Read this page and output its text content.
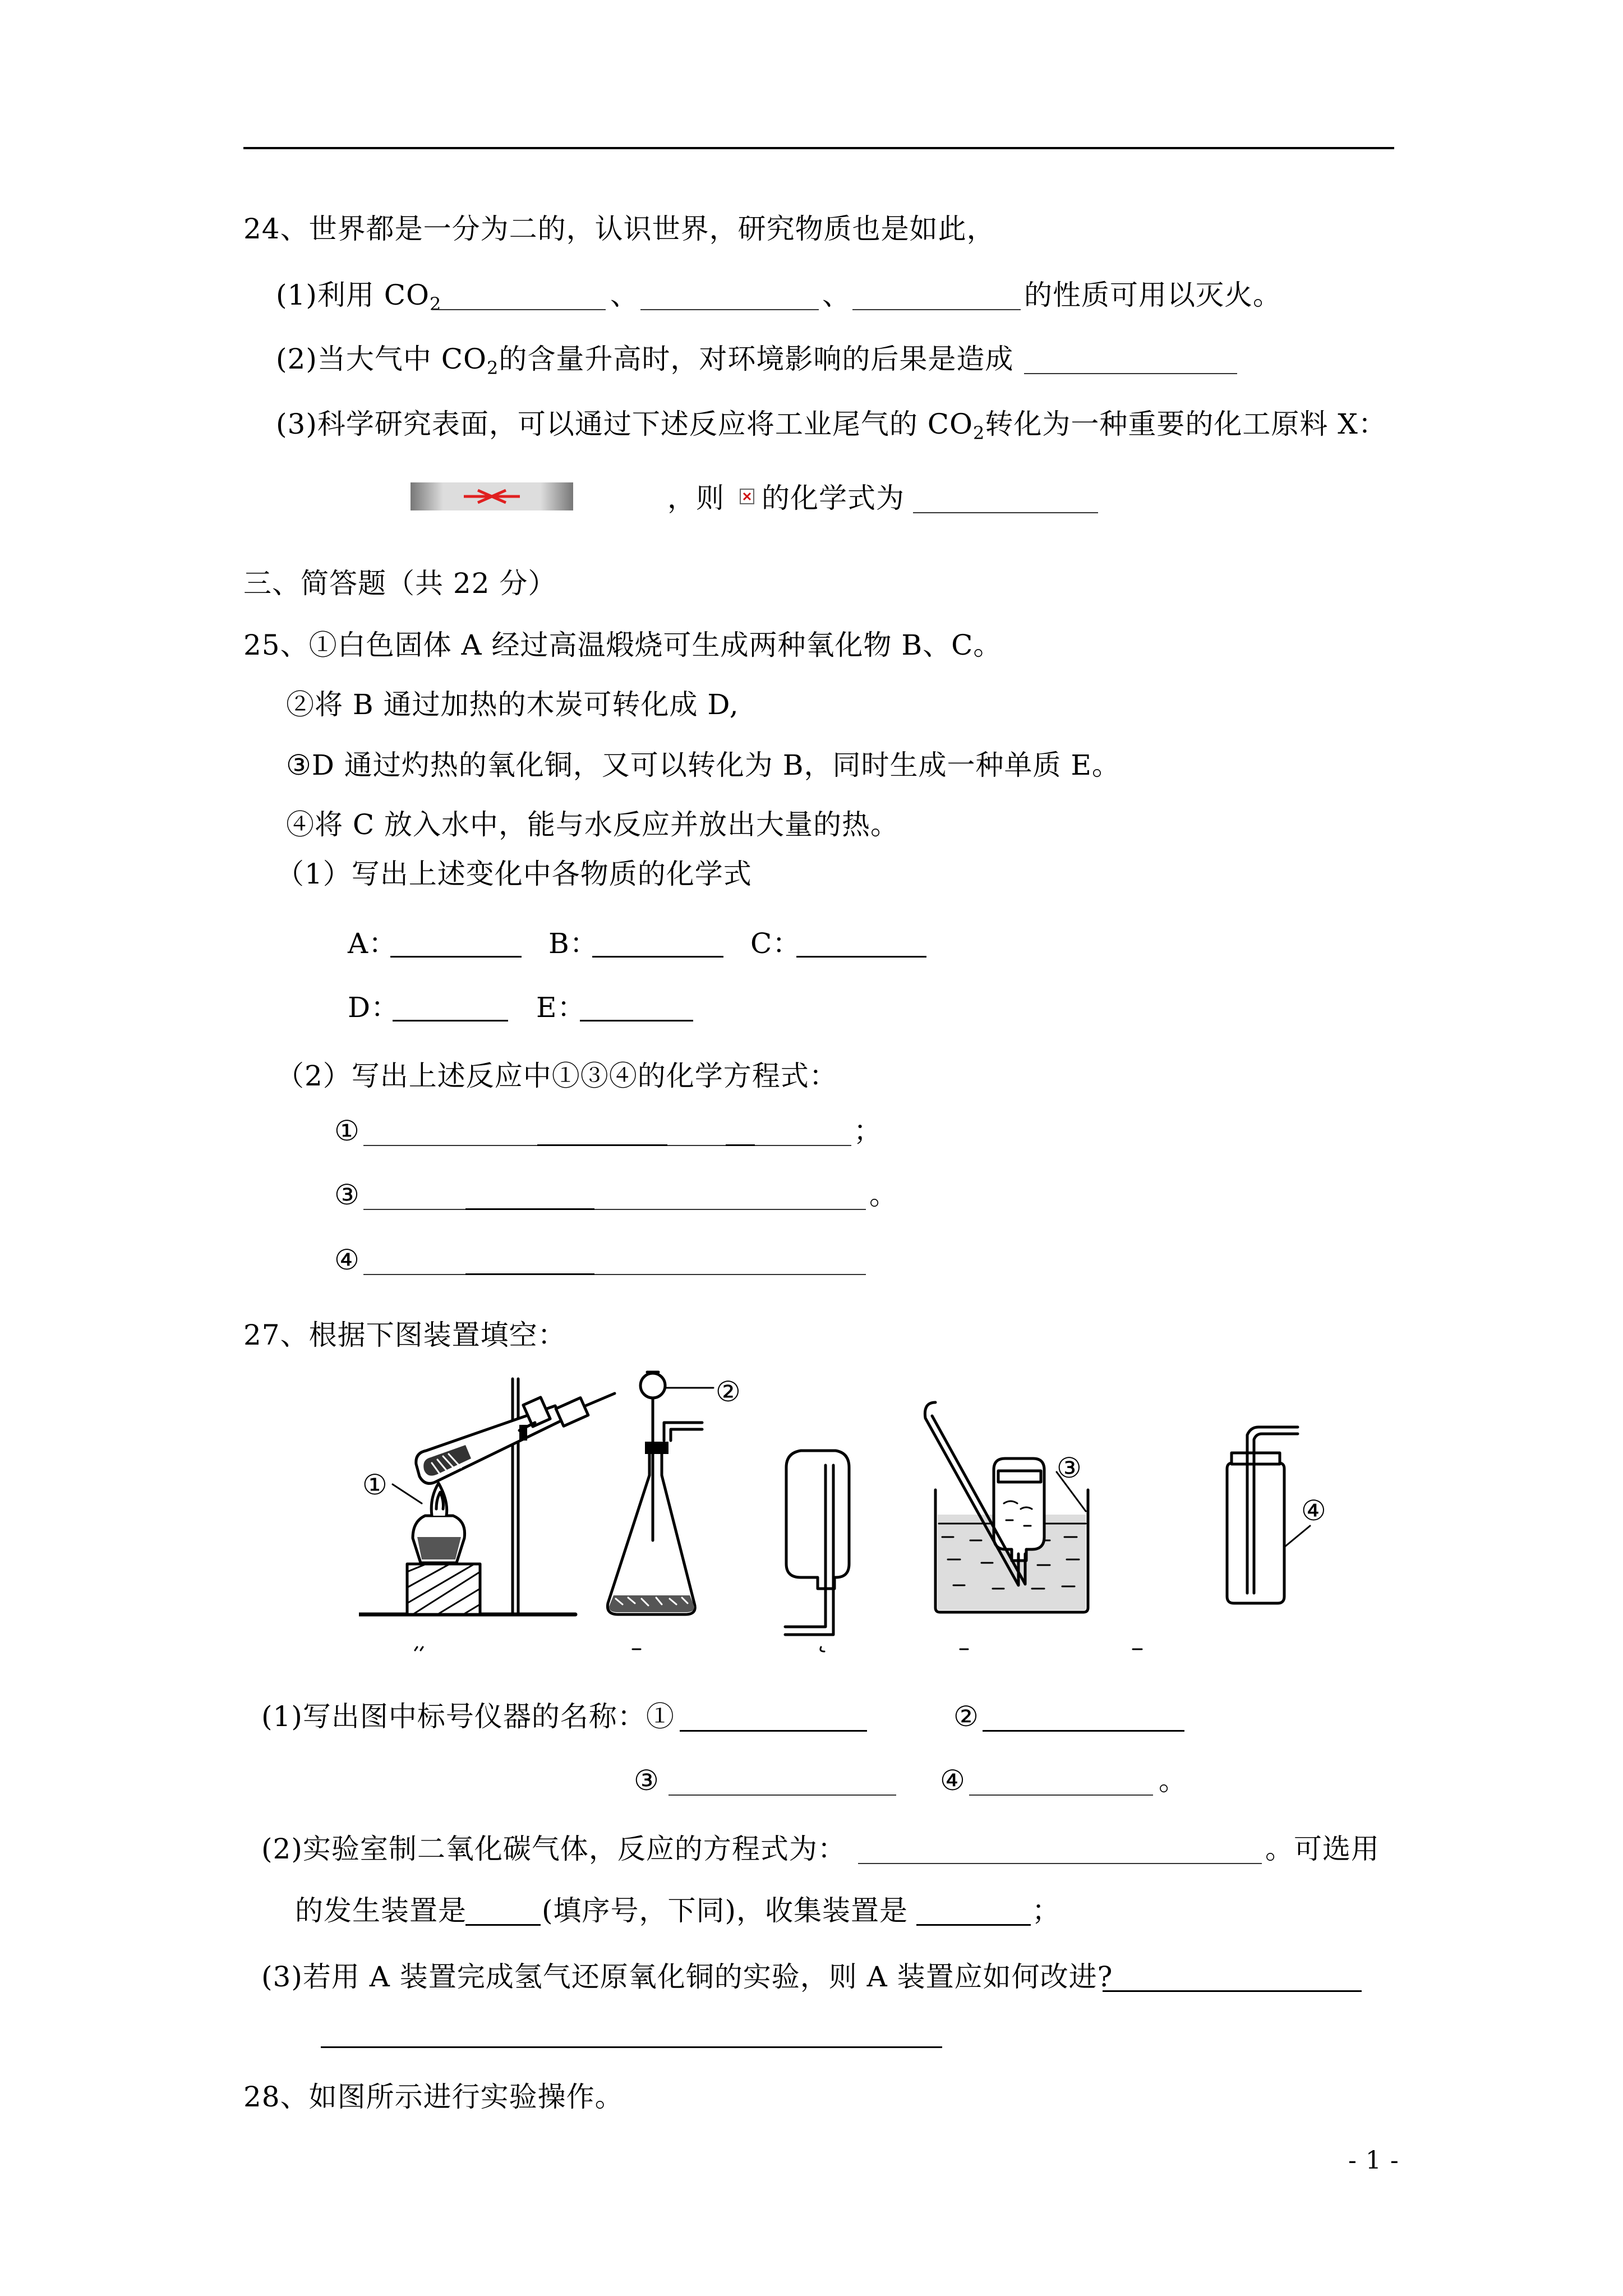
24、世界都是一分为二的，认识世界，研究物质也是如此，
(1)利用 $CO_2$	、	、	的性质可用以灭火。
(2)当大气中 $CO_2$的含量升高时，对环境影响的后果是造成
(3)科学研究表面，可以通过下述反应将工业尾气的 $CO_2$转化为一种重要的化工原料 X：
，则 的化学式为
三、简答题（共 22 分）
25、①白色固体 A 经过高温煅烧可生成两种氧化物 B、C。
②将 B 通过加热的木炭可转化成 D,
③D 通过灼热的氧化铜，又可以转化为 B，同时生成一种单质 E。
④将 C 放入水中，能与水反应并放出大量的热。
（1）写出上述变化中各物质的化学式
A：	B：	C：
D：	E：
（2）写出上述反应中①③④的化学方程式：
①	；
③	。
④
27、根据下图装置填空：
①
②
③
④
(1)写出图中标号仪器的名称：①	②
③	④	。
(2)实验室制二氧化碳气体，反应的方程式为：	。可选用
的发生装置是	(填序号，下同)，收集装置是	；
(3)若用 A 装置完成氢气还原氧化铜的实验，则 A 装置应如何改进?
28、如图所示进行实验操作。
- 1 -
